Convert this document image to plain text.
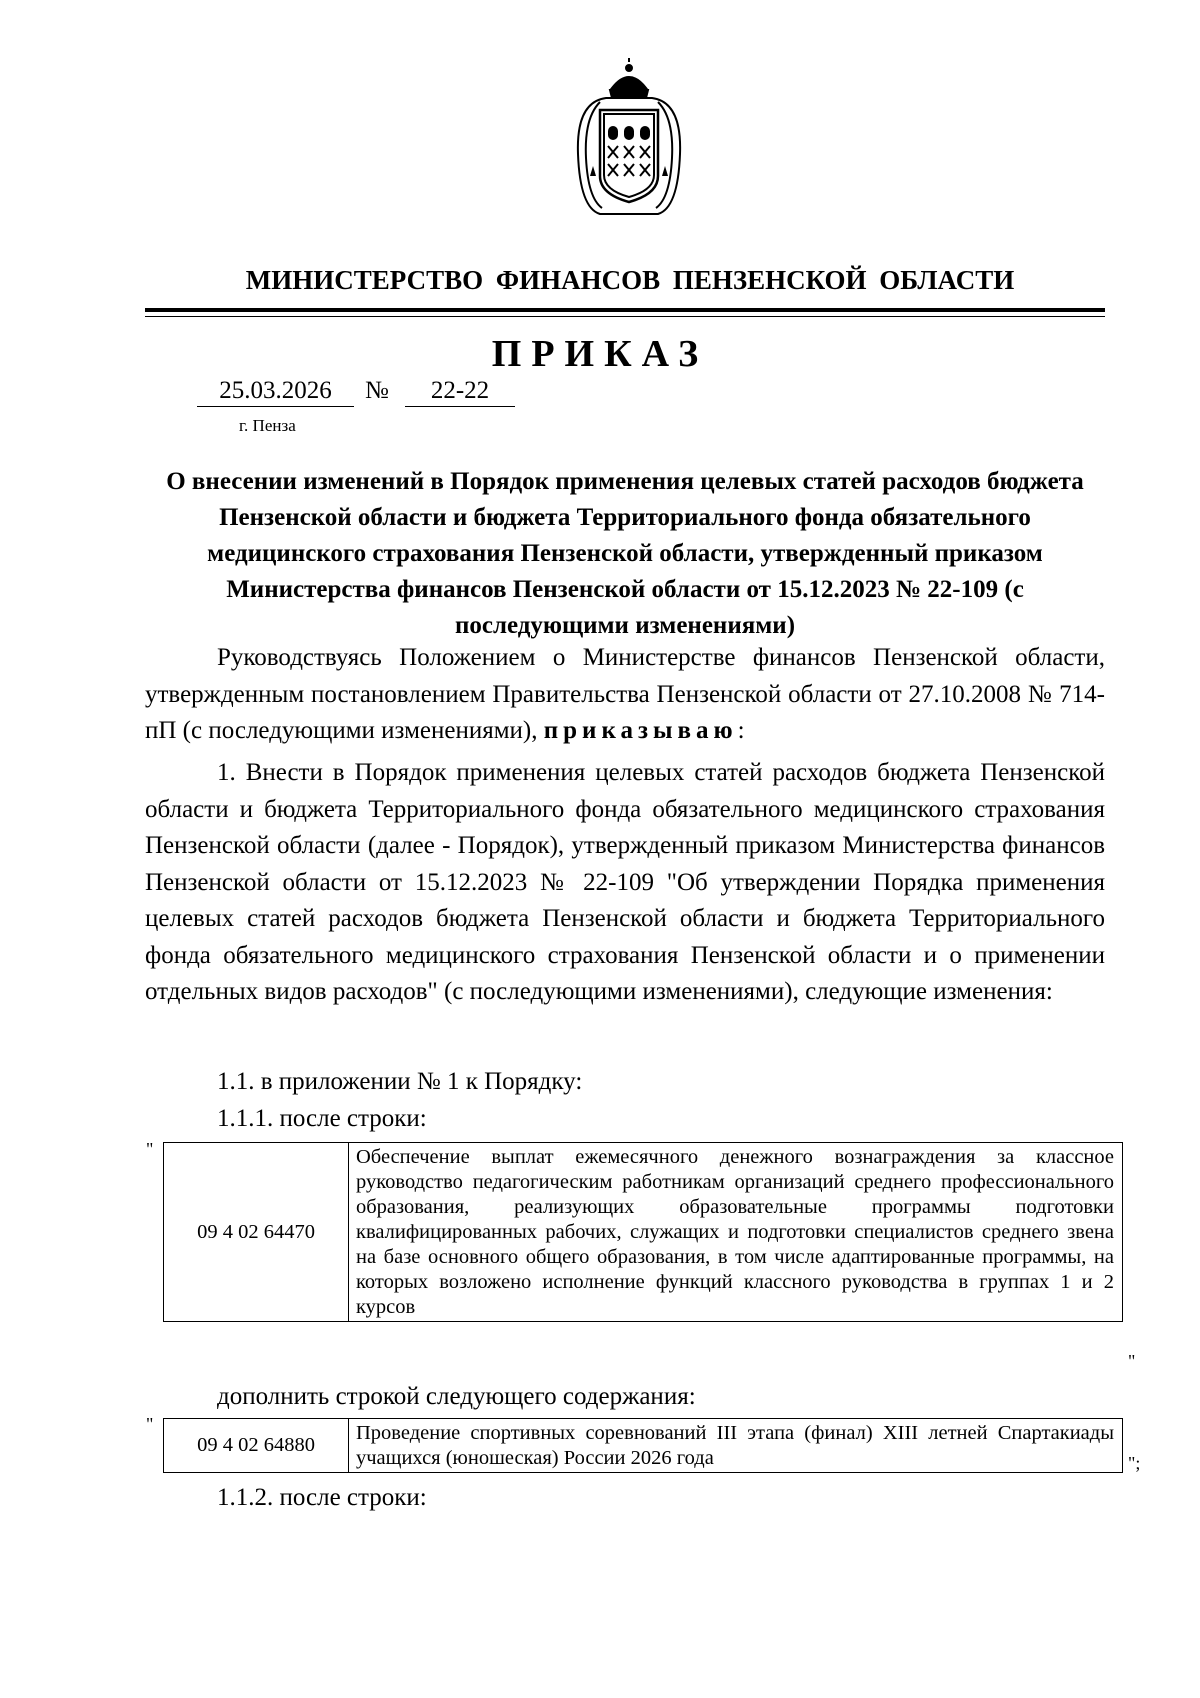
МИНИСТЕРСТВО ФИНАНСОВ ПЕНЗЕНСКОЙ ОБЛАСТИ
ПРИКАЗ
25.03.2026	№	22-22
г. Пенза
О внесении изменений в Порядок применения целевых статей расходов бюджета Пензенской области и бюджета Территориального фонда обязательного медицинского страхования Пензенской области, утвержденный приказом Министерства финансов Пензенской области от 15.12.2023 № 22-109 (с последующими изменениями)

Руководствуясь Положением о Министерстве финансов Пензенской области, утвержденным постановлением Правительства Пензенской области от 27.10.2008 № 714-пП (с последующими изменениями), приказываю:

1. Внести в Порядок применения целевых статей расходов бюджета Пензенской области и бюджета Территориального фонда обязательного медицинского страхования Пензенской области (далее - Порядок), утвержденный приказом Министерства финансов Пензенской области от 15.12.2023 № 22-109 "Об утверждении Порядка применения целевых статей расходов бюджета Пензенской области и бюджета Территориального фонда обязательного медицинского страхования Пензенской области и о применении отдельных видов расходов" (с последующими изменениями), следующие изменения:

1.1. в приложении № 1 к Порядку:
1.1.1. после строки:
"
09 4 02 64470	Обеспечение выплат ежемесячного денежного вознаграждения за классное руководство педагогическим работникам организаций среднего профессионального образования, реализующих образовательные программы подготовки квалифицированных рабочих, служащих и подготовки специалистов среднего звена на базе основного общего образования, в том числе адаптированные программы, на которых возложено исполнение функций классного руководства в группах 1 и 2 курсов
"
дополнить строкой следующего содержания:
"
09 4 02 64880	Проведение спортивных соревнований III этапа (финал) XIII летней Спартакиады учащихся (юношеская) России 2026 года	";
1.1.2. после строки:
